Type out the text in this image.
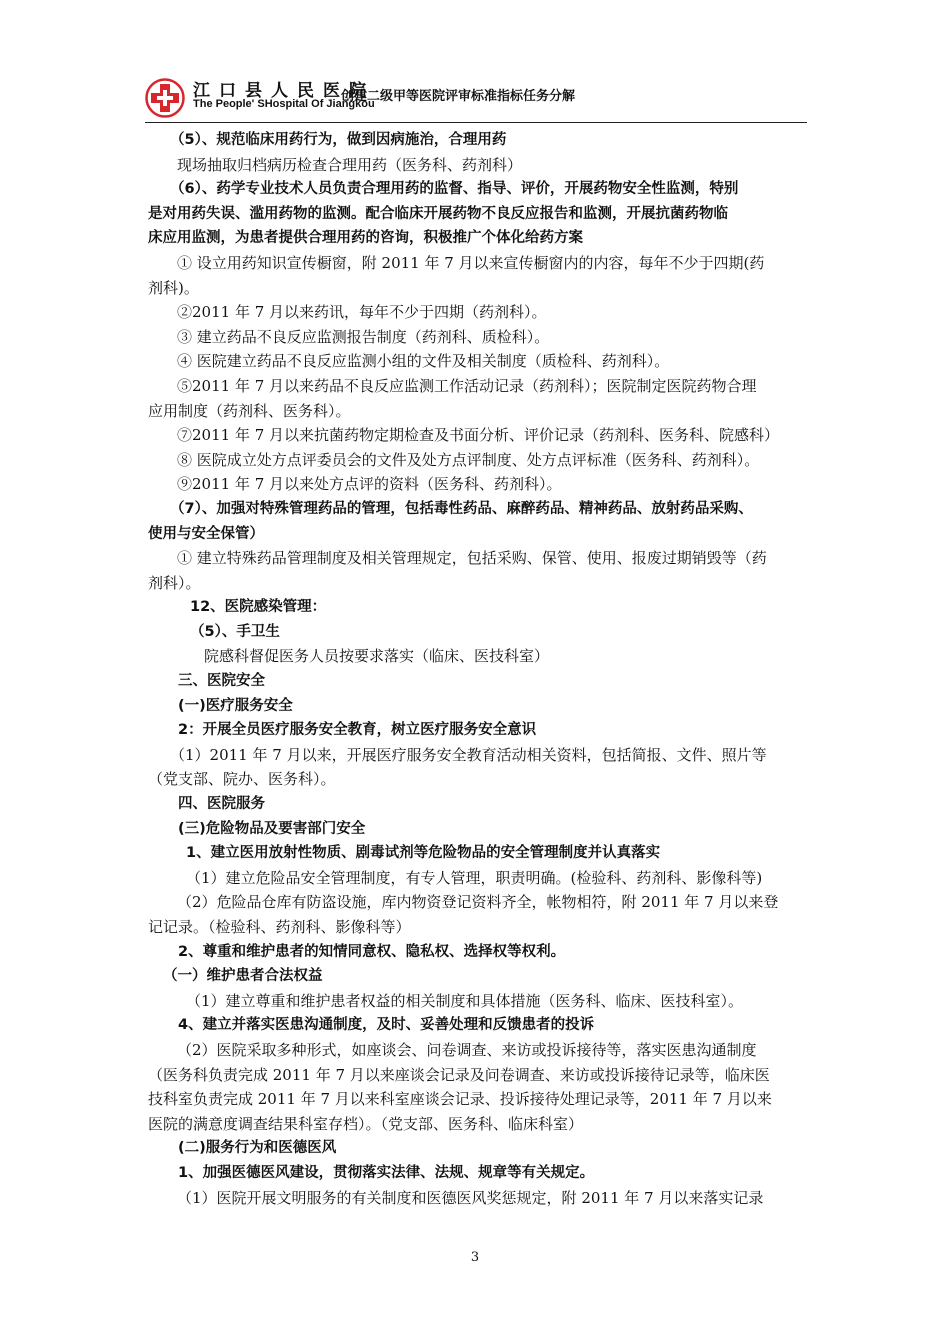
江口县人民医院
The People' SHospital Of Jiangkou
创建二级甲等医院评审标准指标任务分解
（5）、规范临床用药行为，做到因病施治，合理用药
现场抽取归档病历检查合理用药（医务科、药剂科）
（6）、药学专业技术人员负责合理用药的监督、指导、评价，开展药物安全性监测，特别
是对用药失误、滥用药物的监测。配合临床开展药物不良反应报告和监测，开展抗菌药物临
床应用监测，为患者提供合理用药的咨询，积极推广个体化给药方案
① 设立用药知识宣传橱窗，附 2011 年 7 月以来宣传橱窗内的内容，每年不少于四期(药
剂科)。
②2011 年 7 月以来药讯，每年不少于四期（药剂科）。
③ 建立药品不良反应监测报告制度（药剂科、质检科）。
④ 医院建立药品不良反应监测小组的文件及相关制度（质检科、药剂科）。
⑤2011 年 7 月以来药品不良反应监测工作活动记录（药剂科）；医院制定医院药物合理
应用制度（药剂科、医务科）。
⑦2011 年 7 月以来抗菌药物定期检查及书面分析、评价记录（药剂科、医务科、院感科）
⑧ 医院成立处方点评委员会的文件及处方点评制度、处方点评标准（医务科、药剂科）。
⑨2011 年 7 月以来处方点评的资料（医务科、药剂科）。
（7）、加强对特殊管理药品的管理，包括毒性药品、麻醉药品、精神药品、放射药品采购、
使用与安全保管）
① 建立特殊药品管理制度及相关管理规定，包括采购、保管、使用、报废过期销毁等（药
剂科）。
12、医院感染管理：
（5）、手卫生
院感科督促医务人员按要求落实（临床、医技科室）
三、医院安全
(一)医疗服务安全
2：开展全员医疗服务安全教育，树立医疗服务安全意识
（1）2011 年 7 月以来，开展医疗服务安全教育活动相关资料，包括简报、文件、照片等
（党支部、院办、医务科）。
四、医院服务
(三)危险物品及要害部门安全
1、建立医用放射性物质、剧毒试剂等危险物品的安全管理制度并认真落实
（1）建立危险品安全管理制度，有专人管理，职责明确。(检验科、药剂科、影像科等)
（2）危险品仓库有防盗设施，库内物资登记资料齐全，帐物相符，附 2011 年 7 月以来登
记记录。（检验科、药剂科、影像科等）
2、尊重和维护患者的知情同意权、隐私权、选择权等权利。
（一）维护患者合法权益
（1）建立尊重和维护患者权益的相关制度和具体措施（医务科、临床、医技科室）。
4、建立并落实医患沟通制度，及时、妥善处理和反馈患者的投诉
（2）医院采取多种形式，如座谈会、问卷调查、来访或投诉接待等，落实医患沟通制度
（医务科负责完成 2011 年 7 月以来座谈会记录及问卷调查、来访或投诉接待记录等，临床医
技科室负责完成 2011 年 7 月以来科室座谈会记录、投诉接待处理记录等，2011 年 7 月以来
医院的满意度调查结果科室存档）。（党支部、医务科、临床科室）
(二)服务行为和医德医风
1、加强医德医风建设，贯彻落实法律、法规、规章等有关规定。
（1）医院开展文明服务的有关制度和医德医风奖惩规定，附 2011 年 7 月以来落实记录
3
